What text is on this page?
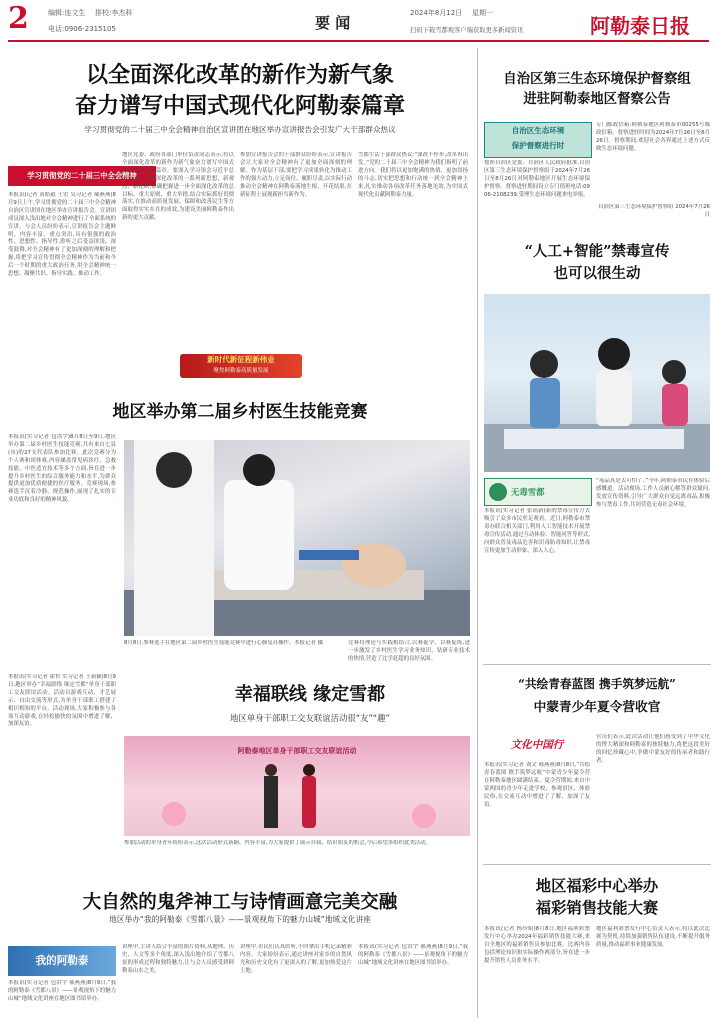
2	编辑:连文生 排校:李杰科
电话:0906-2315105	要 闻
2024年8月12日 星期一
扫码下载雪都观客户端获取更多新闻资讯	阿勒泰日报
以全面深化改革的新作为新气象
奋力谱写中国式现代化阿勒泰篇章
学习贯彻党的二十届三中全会精神自治区宣讲团在地区举办宣讲报告会引发广大干部群众热议
学习贯彻党的二十届三中全会精神
本报讯(记者 黄皓毅 王宏 吴习记者 郝燕燕)8月9日上午,学习贯彻党的二十届三中全会精神自治区宣讲团在地区举办宣讲报告会。宣讲团成员深入浅出地对全会精神进行了全面系统的宣讲。与会人员纷纷表示,宣讲报告会主题鲜明、内容丰富、重点突出,具有很强的政治性、思想性、指导性,聆听之后受益匪浅、深受鼓舞,对全会精神有了更加深刻的理解和把握,将把学习宣传贯彻全会精神作为当前和今后一个时期的重大政治任务,用全会精神统一思想、凝聚共识、指导实践、推动工作。
地区党委、政府各部门单位负责同志表示,将以全面深化改革的新作为新气象奋力谱写中国式现代化阿勒泰篇章。要深入学习领会习近平总书记关于全面深化改革的一系列新思想、新观点、新论断,准确把握进一步全面深化改革的总目标、重大原则、重大举措,结合实际抓好贯彻落实,在推动高质量发展、保障和改善民生等方面取得实实在在的成效,为建设美丽阿勒泰作出新的更大贡献。
参加宣讲报告会的干部群众纷纷表示,宣讲报告会让大家对全会精神有了更加全面深刻的理解。作为基层干部,要把学习成果转化为推动工作的强大动力,立足岗位、履职尽责,以实际行动推动全会精神在阿勒泰落地生根、开花结果,在新征程上展现新担当新作为。
雪都生活干部群众热议:“深改不停步,改革再出发。”党的二十届三中全会精神为我们指明了前进方向。我们将以更加饱满的热情、更加昂扬的斗志,切实把思想和行动统一到全会精神上来,扎实推动各项改革任务落地见效,为中国式现代化贡献阿勒泰力量。
新时代新征程新伟业
聚焦阿勒泰高质量发展
地区举办第二届乡村医生技能竞赛
本报讯(实习记者 包洪宇)8月8日至9日,地区举办第二届乡村医生技能竞赛,共有来自七县(市)的27支代表队参加比赛。此次竞赛分为个人赛和团体赛,内容涵盖常见病诊疗、急救技能、中医适宜技术等多个方面,旨在进一步提升乡村医生的综合服务能力和水平,为群众提供更加优质便捷的医疗服务。竞赛现场,参赛选手沉着冷静、规范操作,展现了扎实的专业功底和良好的精神风貌。
8月8日,参赛选手在地区第二届乡村医生技能竞赛中进行心肺复苏操作。本报记者 摄	竞赛将理论与实践相结合,以赛促学、以赛促练,进一步激发了乡村医生学习业务知识、钻研专业技术的热情,营造了比学赶超的良好氛围。
幸福联线 缘定雪都
地区单身干部职工交友联谊活动很“友”“趣”
本报讯(实习记者 霍哲 实习记者 王新颖)8月9日,地区举办“幸福联线 缘定雪都”单身干部职工交友联谊活动。活动以游戏互动、才艺展示、自由交流等形式,为单身干部职工搭建了相识相知的平台。活动现场,大家积极参与各项互动游戏,在轻松愉快的氛围中增进了解、加深友谊。
阿勒泰地区单身干部职工交友联谊活动
参加活动的单身青年纷纷表示,这次活动形式新颖、内容丰富,为大家提供了展示自我、结识朋友的机会,今后希望多组织此类活动。
大自然的鬼斧神工与诗情画意完美交融
地区举办“我的阿勒泰《雪都八景》——景观视角下的魅力山城”地域文化讲座
我的阿勒泰
本报讯(实习记者 包洪宇 郝燕燕)8月9日,“我的阿勒泰《雪都八景》——景观视角下的魅力山城”地域文化讲座在地区图书馆举办。
讲座中,主讲人结合丰富的图片资料,从地理、历史、人文等多个角度,深入浅出地介绍了雪都八景的形成过程和独特魅力,让与会人员感受到阿勒泰山水之美。
讲座中,市民们认真聆听,不时拿出手机记录精彩内容。大家纷纷表示,通过讲座对家乡的自然风光和历史文化有了更深入的了解,更加热爱这片土地。
本报讯(实习记者 包洪宇 郝燕燕)8月9日,“我的阿勒泰《雪都八景》——景观视角下的魅力山城”地域文化讲座在地区图书馆举办。
自治区第三生态环境保护督察组
进驻阿勒泰地区督察公告
自治区生态环境
保护督察进行时
按照自治区党委、自治区人民政府批准,自治区第三生态环境保护督察组于2024年7月26日至8月26日对阿勒泰地区开展生态环境保护督察。督察进驻期间设立专门值班电话:0906-2108239,受理生态环境问题来电举报。
专门邮政信箱:阿勒泰地区阿勒泰市00255号邮政信箱。督察进驻时间为2024年7月26日至8月26日。督察期间,欢迎社会各界通过上述方式反映生态环境问题。
自治区第三生态环境保护督察组 2024年7月26日
“人工+智能”禁毒宣传
也可以很生动
无毒雪都
本报讯(实习记者 张瑶新)新的禁毒宣传方式吸引了众多市民驻足观看。近日,阿勒泰市禁毒办联合相关部门,利用人工智能技术开展禁毒宣传活动,通过互动体验、智能问答等形式,向群众普及毒品危害和识毒防毒知识,让禁毒宣传更加生动形象、深入人心。
“毒品真是太可怕了。”今年,阿勒泰市民在体验后感慨道。活动现场,工作人员耐心解答群众疑问,发放宣传资料,引导广大群众自觉远离毒品,积极参与禁毒工作,共同营造无毒社会环境。
“共绘青春蓝图 携手筑梦远航”
中蒙青少年夏令营收官
文化中国行
本报讯(实习记者 刘文 郝燕燕)8月8日,“共绘青春蓝图 携手筑梦远航”中蒙青少年夏令营在阿勒泰地区圆满结束。夏令营期间,来自中蒙两国的青少年走进学校、参观景区、体验民俗,在交流互动中增进了了解、加深了友谊。
营员们表示,此次活动让他们感受到了中华文化的博大精深和阿勒泰的独特魅力,将把这段美好的回忆珍藏心中,争做中蒙友好的传承者和践行者。
地区福彩中心举办
福彩销售技能大赛
本报讯(记者 杨玲娟)8月8日,地区福利彩票发行中心举办2024年福彩销售技能大赛,来自全地区的福彩销售员参加比赛。比赛内容包括理论知识和实际操作两部分,旨在进一步提升销售人员业务水平。
地区福利彩票发行中心负责人表示,将以此次比赛为契机,持续加强销售队伍建设,不断提升服务质量,推动福彩事业健康发展。
